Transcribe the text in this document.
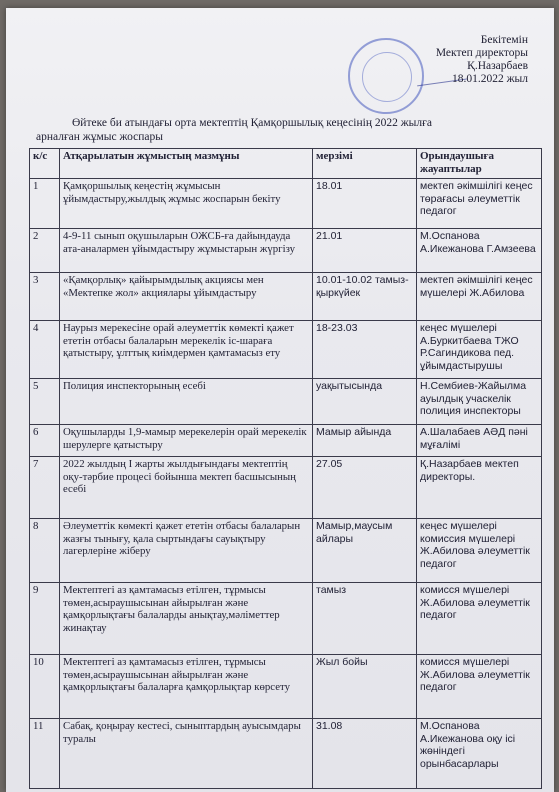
Бекітемін
Мектеп директоры
Қ.Назарбаев
18.01.2022 жыл
Өйтеке би атындағы орта мектептің Қамқоршылық кеңесінің 2022 жылға
арналған жұмыс жоспары
к/с	Атқарылатын жұмыстың мазмұны	мерзімі	Орындаушыға жауаптылар
1	Қамқоршылық кеңестің жұмысын ұйымдастыру,жылдық жұмыс жоспарын бекіту	18.01	мектеп әкімшілігі кеңес төрағасы әлеуметтік педагог
2	4-9-11 сынып оқушыларын ОЖСБ-ға дайындауда ата-аналармен ұйымдастыру жұмыстарын жүргізу	21.01	М.Оспанова А.Икежанова Г.Амзеева
3	«Қамқорлық» қайырымдылық акциясы мен «Мектепке жол» акциялары ұйымдастыру	10.01-10.02 тамыз-қыркүйек	мектеп әкімшілігі кеңес мүшелері Ж.Абилова
4	Наурыз мерекесіне орай әлеуметтік көмекті қажет ететін отбасы балаларын мерекелік іс-шараға қатыстыру, ұлттық киімдермен қамтамасыз ету	18-23.03	кеңес мүшелері А.Буркитбаева ТЖО Р.Сагиндикова пед. ұйымдастырушы
5	Полиция инспекторының есебі	уақытысында	Н.Сембиев-Жайылма ауылдық учаскелік полиция инспекторы
6	Оқушыларды 1,9-мамыр мерекелерін орай мерекелік шерулерге қатыстыру	Мамыр айында	А.Шалабаев АӘД пәні мұғалімі
7	2022 жылдың I жарты жылдығындағы мектептің оқу-тәрбие процесі бойынша мектеп басшысының есебі	27.05	Қ.Назарбаев мектеп директоры.
8	Әлеуметтік көмекті қажет ететін отбасы балаларын жазғы тынығу, қала сыртындағы сауықтыру лагерлеріне жіберу	Мамыр,маусым айлары	кеңес мүшелері комиссия мүшелері Ж.Абилова әлеуметтік педагог
9	Мектептегі аз қамтамасыз етілген, тұрмысы төмен,асыраушысынан айырылған және қамқорлықтағы балаларды анықтау,мәліметтер жинақтау	тамыз	комисся мүшелері Ж.Абилова әлеуметтік педагог
10	Мектептегі аз қамтамасыз етілген, тұрмысы төмен,асыраушысынан айырылған және қамқорлықтағы балаларға қамқорлықтар көрсету	Жыл бойы	комисся мүшелері Ж.Абилова әлеуметтік педагог
11	Сабақ, қоңырау кестесі, сыныптардың ауысымдары туралы	31.08	М.Оспанова А.Икежанова оқу ісі жөніндегі орынбасарлары
